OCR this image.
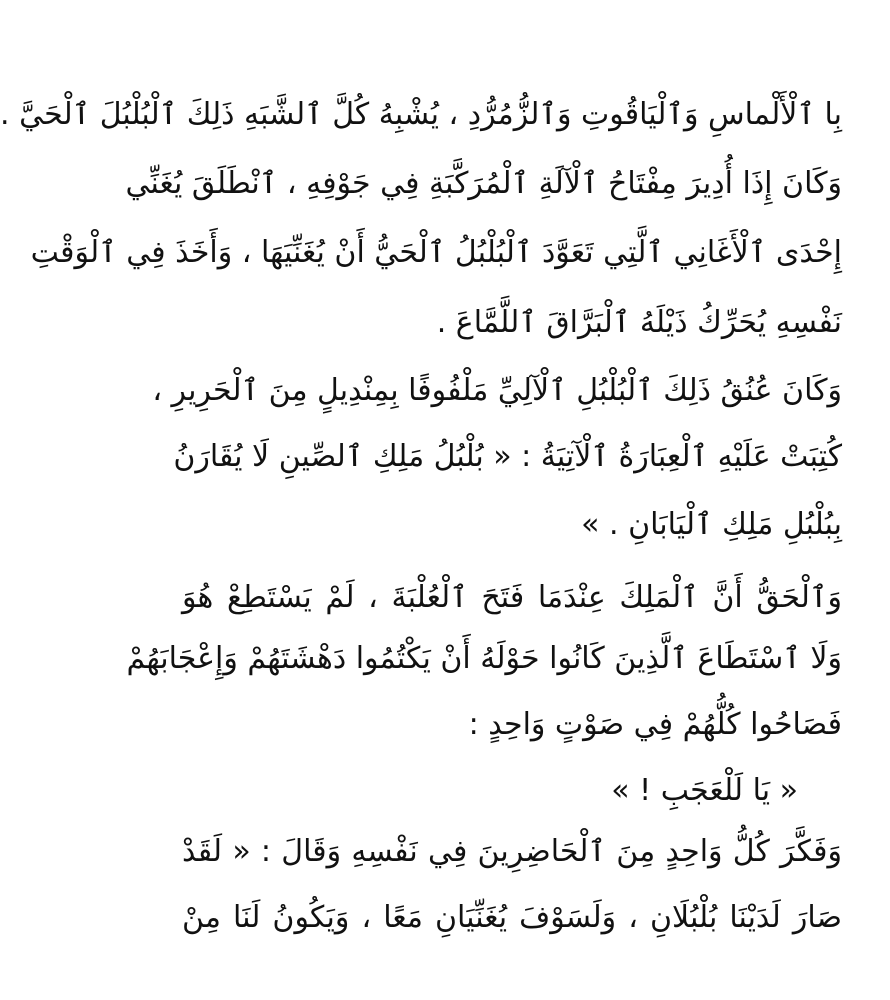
بِا ٱلْأَلْماسِ وَٱلْيَاقُوتِ وَٱلزُّمُرُّدِ ، يُشْبِهُ كُلَّ ٱلشَّبَهِ ذَلِكَ ٱلْبُلْبُلَ ٱلْحَيَّ .
وَكَانَ إِذَا أُدِيرَ مِفْتَاحُ ٱلْآلَةِ ٱلْمُرَكَّبَةِ فِي جَوْفِهِ ، ٱنْطَلَقَ يُغَنِّي
إِحْدَى ٱلْأَغَانِي ٱلَّتِي تَعَوَّدَ ٱلْبُلْبُلُ ٱلْحَيُّ أَنْ يُغَنِّيَهَا ، وَأَخَذَ فِي ٱلْوَقْتِ
نَفْسِهِ يُحَرِّكُ ذَيْلَهُ ٱلْبَرَّاقَ ٱللَّمَّاعَ .
وَكَانَ عُنُقُ ذَلِكَ ٱلْبُلْبُلِ ٱلْآلِيِّ مَلْفُوفًا بِمِنْدِيلٍ مِنَ ٱلْحَرِيرِ ،
كُتِبَتْ عَلَيْهِ ٱلْعِبَارَةُ ٱلْآتِيَةُ : « بُلْبُلُ مَلِكِ ٱلصِّينِ لَا يُقَارَنُ
بِبُلْبُلِ مَلِكِ ٱلْيَابَانِ . »
وَٱلْحَقُّ أَنَّ ٱلْمَلِكَ عِنْدَمَا فَتَحَ ٱلْعُلْبَةَ ، لَمْ يَسْتَطِعْ هُوَ
وَلَا ٱسْتَطَاعَ ٱلَّذِينَ كَانُوا حَوْلَهُ أَنْ يَكْتُمُوا دَهْشَتَهُمْ وَإِعْجَابَهُمْ
فَصَاحُوا كُلُّهُمْ فِي صَوْتٍ وَاحِدٍ :
« يَا لَلْعَجَبِ ! »
وَفَكَّرَ كُلُّ وَاحِدٍ مِنَ ٱلْحَاضِرِينَ فِي نَفْسِهِ وَقَالَ : « لَقَدْ
صَارَ لَدَيْنَا بُلْبُلَانِ ، وَلَسَوْفَ يُغَنِّيَانِ مَعًا ، وَيَكُونُ لَنَا مِنْ
